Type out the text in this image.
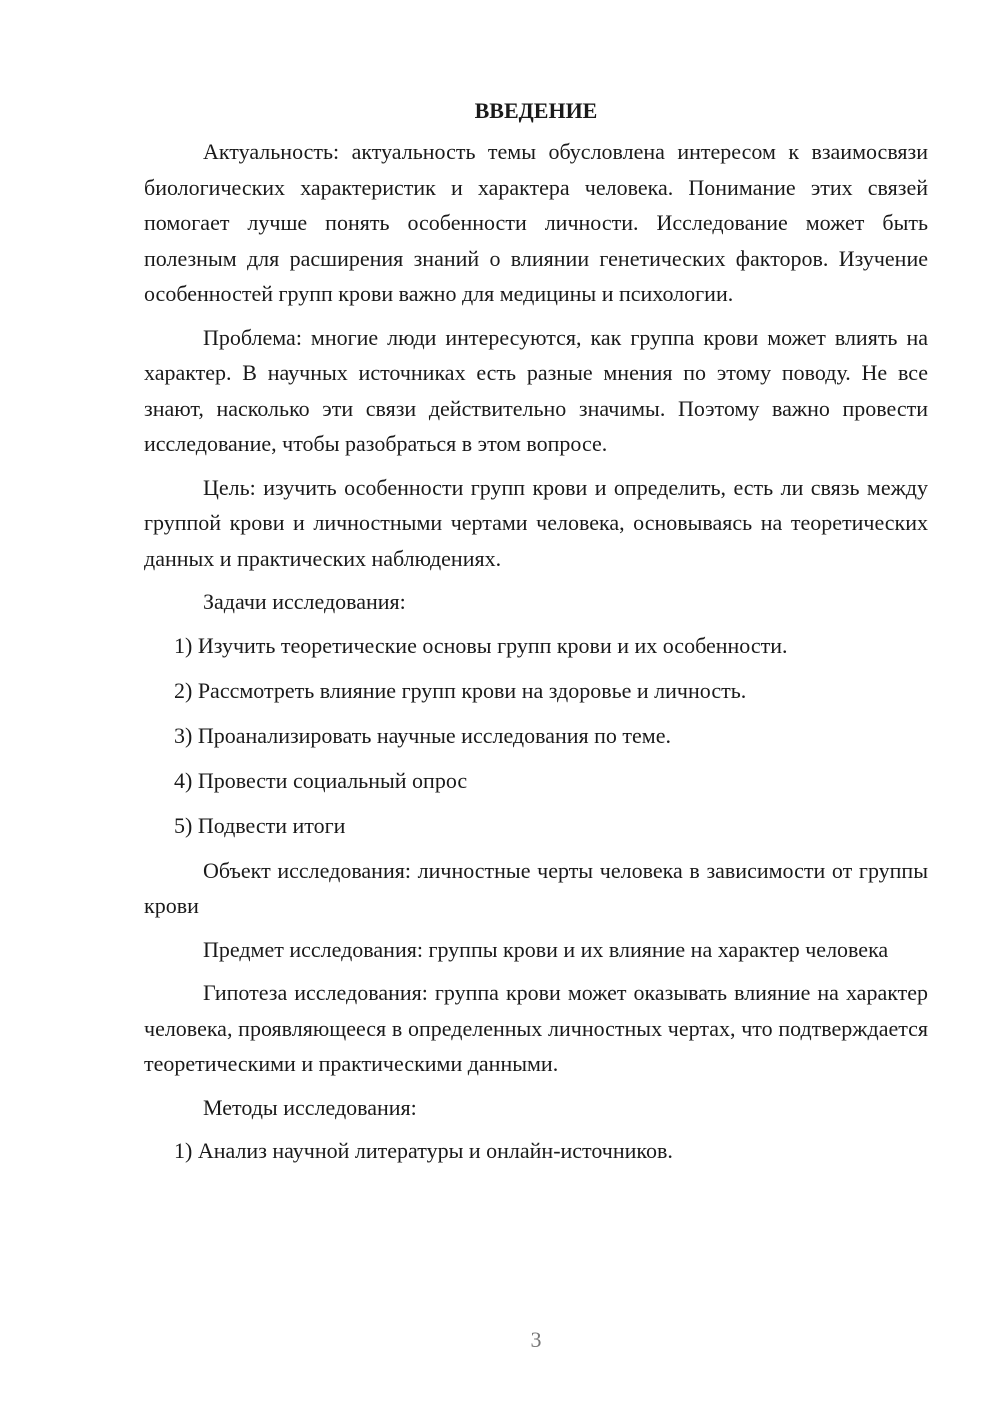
ВВЕДЕНИЕ

Актуальность: актуальность темы обусловлена интересом к взаимосвязи биологических характеристик и характера человека. Понимание этих связей помогает лучше понять особенности личности. Исследование может быть полезным для расширения знаний о влиянии генетических факторов. Изучение особенностей групп крови важно для медицины и психологии.

Проблема: многие люди интересуются, как группа крови может влиять на характер. В научных источниках есть разные мнения по этому поводу. Не все знают, насколько эти связи действительно значимы. Поэтому важно провести исследование, чтобы разобраться в этом вопросе.

Цель: изучить особенности групп крови и определить, есть ли связь между группой крови и личностными чертами человека, основываясь на теоретических данных и практических наблюдениях.

Задачи исследования:

1) Изучить теоретические основы групп крови и их особенности.
2) Рассмотреть влияние групп крови на здоровье и личность.
3) Проанализировать научные исследования по теме.
4) Провести социальный опрос
5) Подвести итоги

Объект исследования: личностные черты человека в зависимости от группы крови

Предмет исследования: группы крови и их влияние на характер человека

Гипотеза исследования: группа крови может оказывать влияние на характер человека, проявляющееся в определенных личностных чертах, что подтверждается теоретическими и практическими данными.

Методы исследования:

1) Анализ научной литературы и онлайн-источников.
3
